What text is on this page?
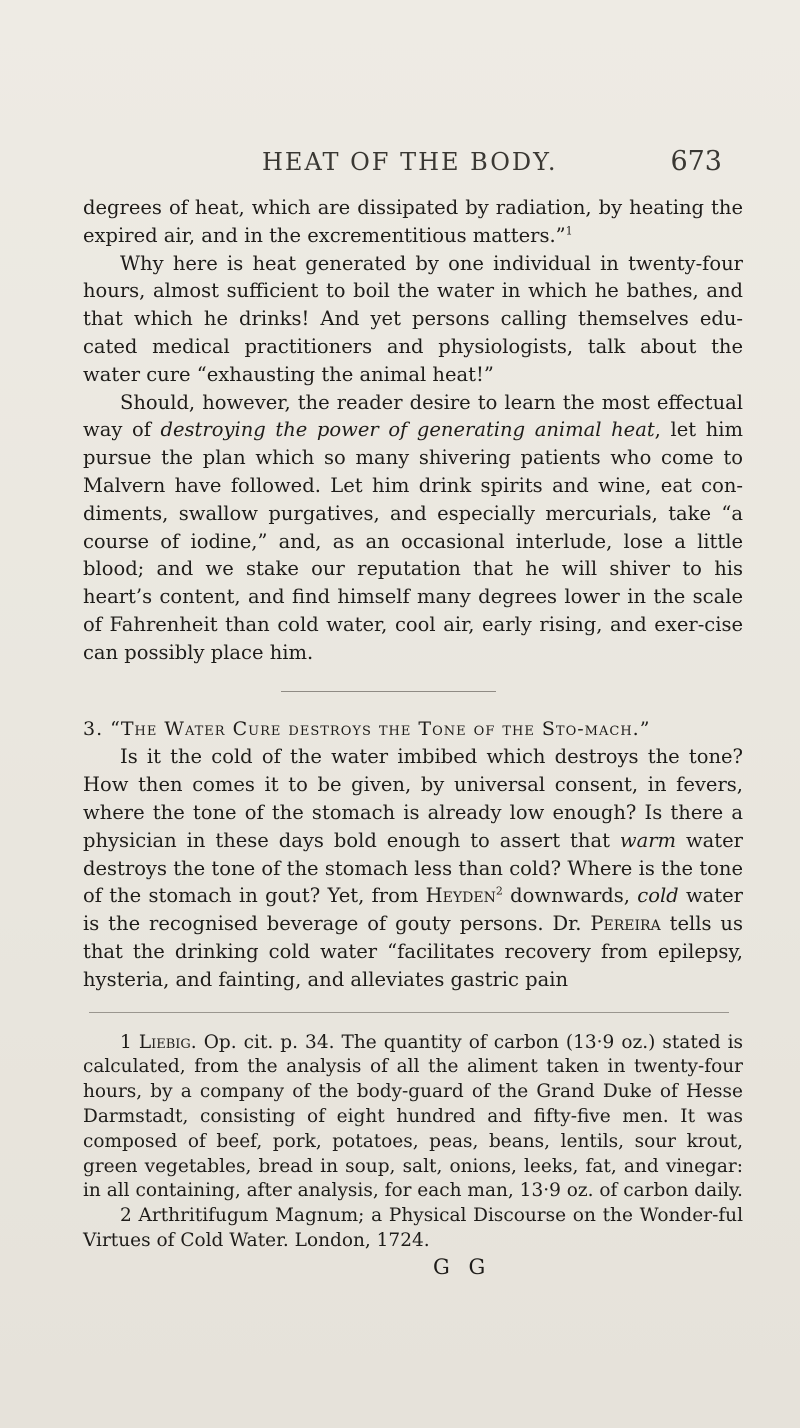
HEAT OF THE BODY.	673

degrees of heat, which are dissipated by radiation, by heating the expired air, and in the excrementitious matters.”$^1$

Why here is heat generated by one individual in twenty-four hours, almost sufficient to boil the water in which he bathes, and that which he drinks! And yet persons calling themselves edu-cated medical practitioners and physiologists, talk about the water cure “exhausting the animal heat!”

Should, however, the reader desire to learn the most effectual way of destroying the power of generating animal heat, let him pursue the plan which so many shivering patients who come to Malvern have followed. Let him drink spirits and wine, eat con-diments, swallow purgatives, and especially mercurials, take “a course of iodine,” and, as an occasional interlude, lose a little blood; and we stake our reputation that he will shiver to his heart’s content, and find himself many degrees lower in the scale of Fahrenheit than cold water, cool air, early rising, and exer-cise can possibly place him.

3. “The Water Cure destroys the Tone of the Sto-mach.”

Is it the cold of the water imbibed which destroys the tone? How then comes it to be given, by universal consent, in fevers, where the tone of the stomach is already low enough? Is there a physician in these days bold enough to assert that warm water destroys the tone of the stomach less than cold? Where is the tone of the stomach in gout? Yet, from Heyden$^2$ downwards, cold water is the recognised beverage of gouty persons. Dr. Pereira tells us that the drinking cold water “facilitates recovery from epilepsy, hysteria, and fainting, and alleviates gastric pain

1 Liebig. Op. cit. p. 34. The quantity of carbon (13·9 oz.) stated is calculated, from the analysis of all the aliment taken in twenty-four hours, by a company of the body-guard of the Grand Duke of Hesse Darmstadt, consisting of eight hundred and fifty-five men. It was composed of beef, pork, potatoes, peas, beans, lentils, sour krout, green vegetables, bread in soup, salt, onions, leeks, fat, and vinegar: in all containing, after analysis, for each man, 13·9 oz. of carbon daily.

2 Arthritifugum Magnum; a Physical Discourse on the Wonder-ful Virtues of Cold Water. London, 1724.

G G
